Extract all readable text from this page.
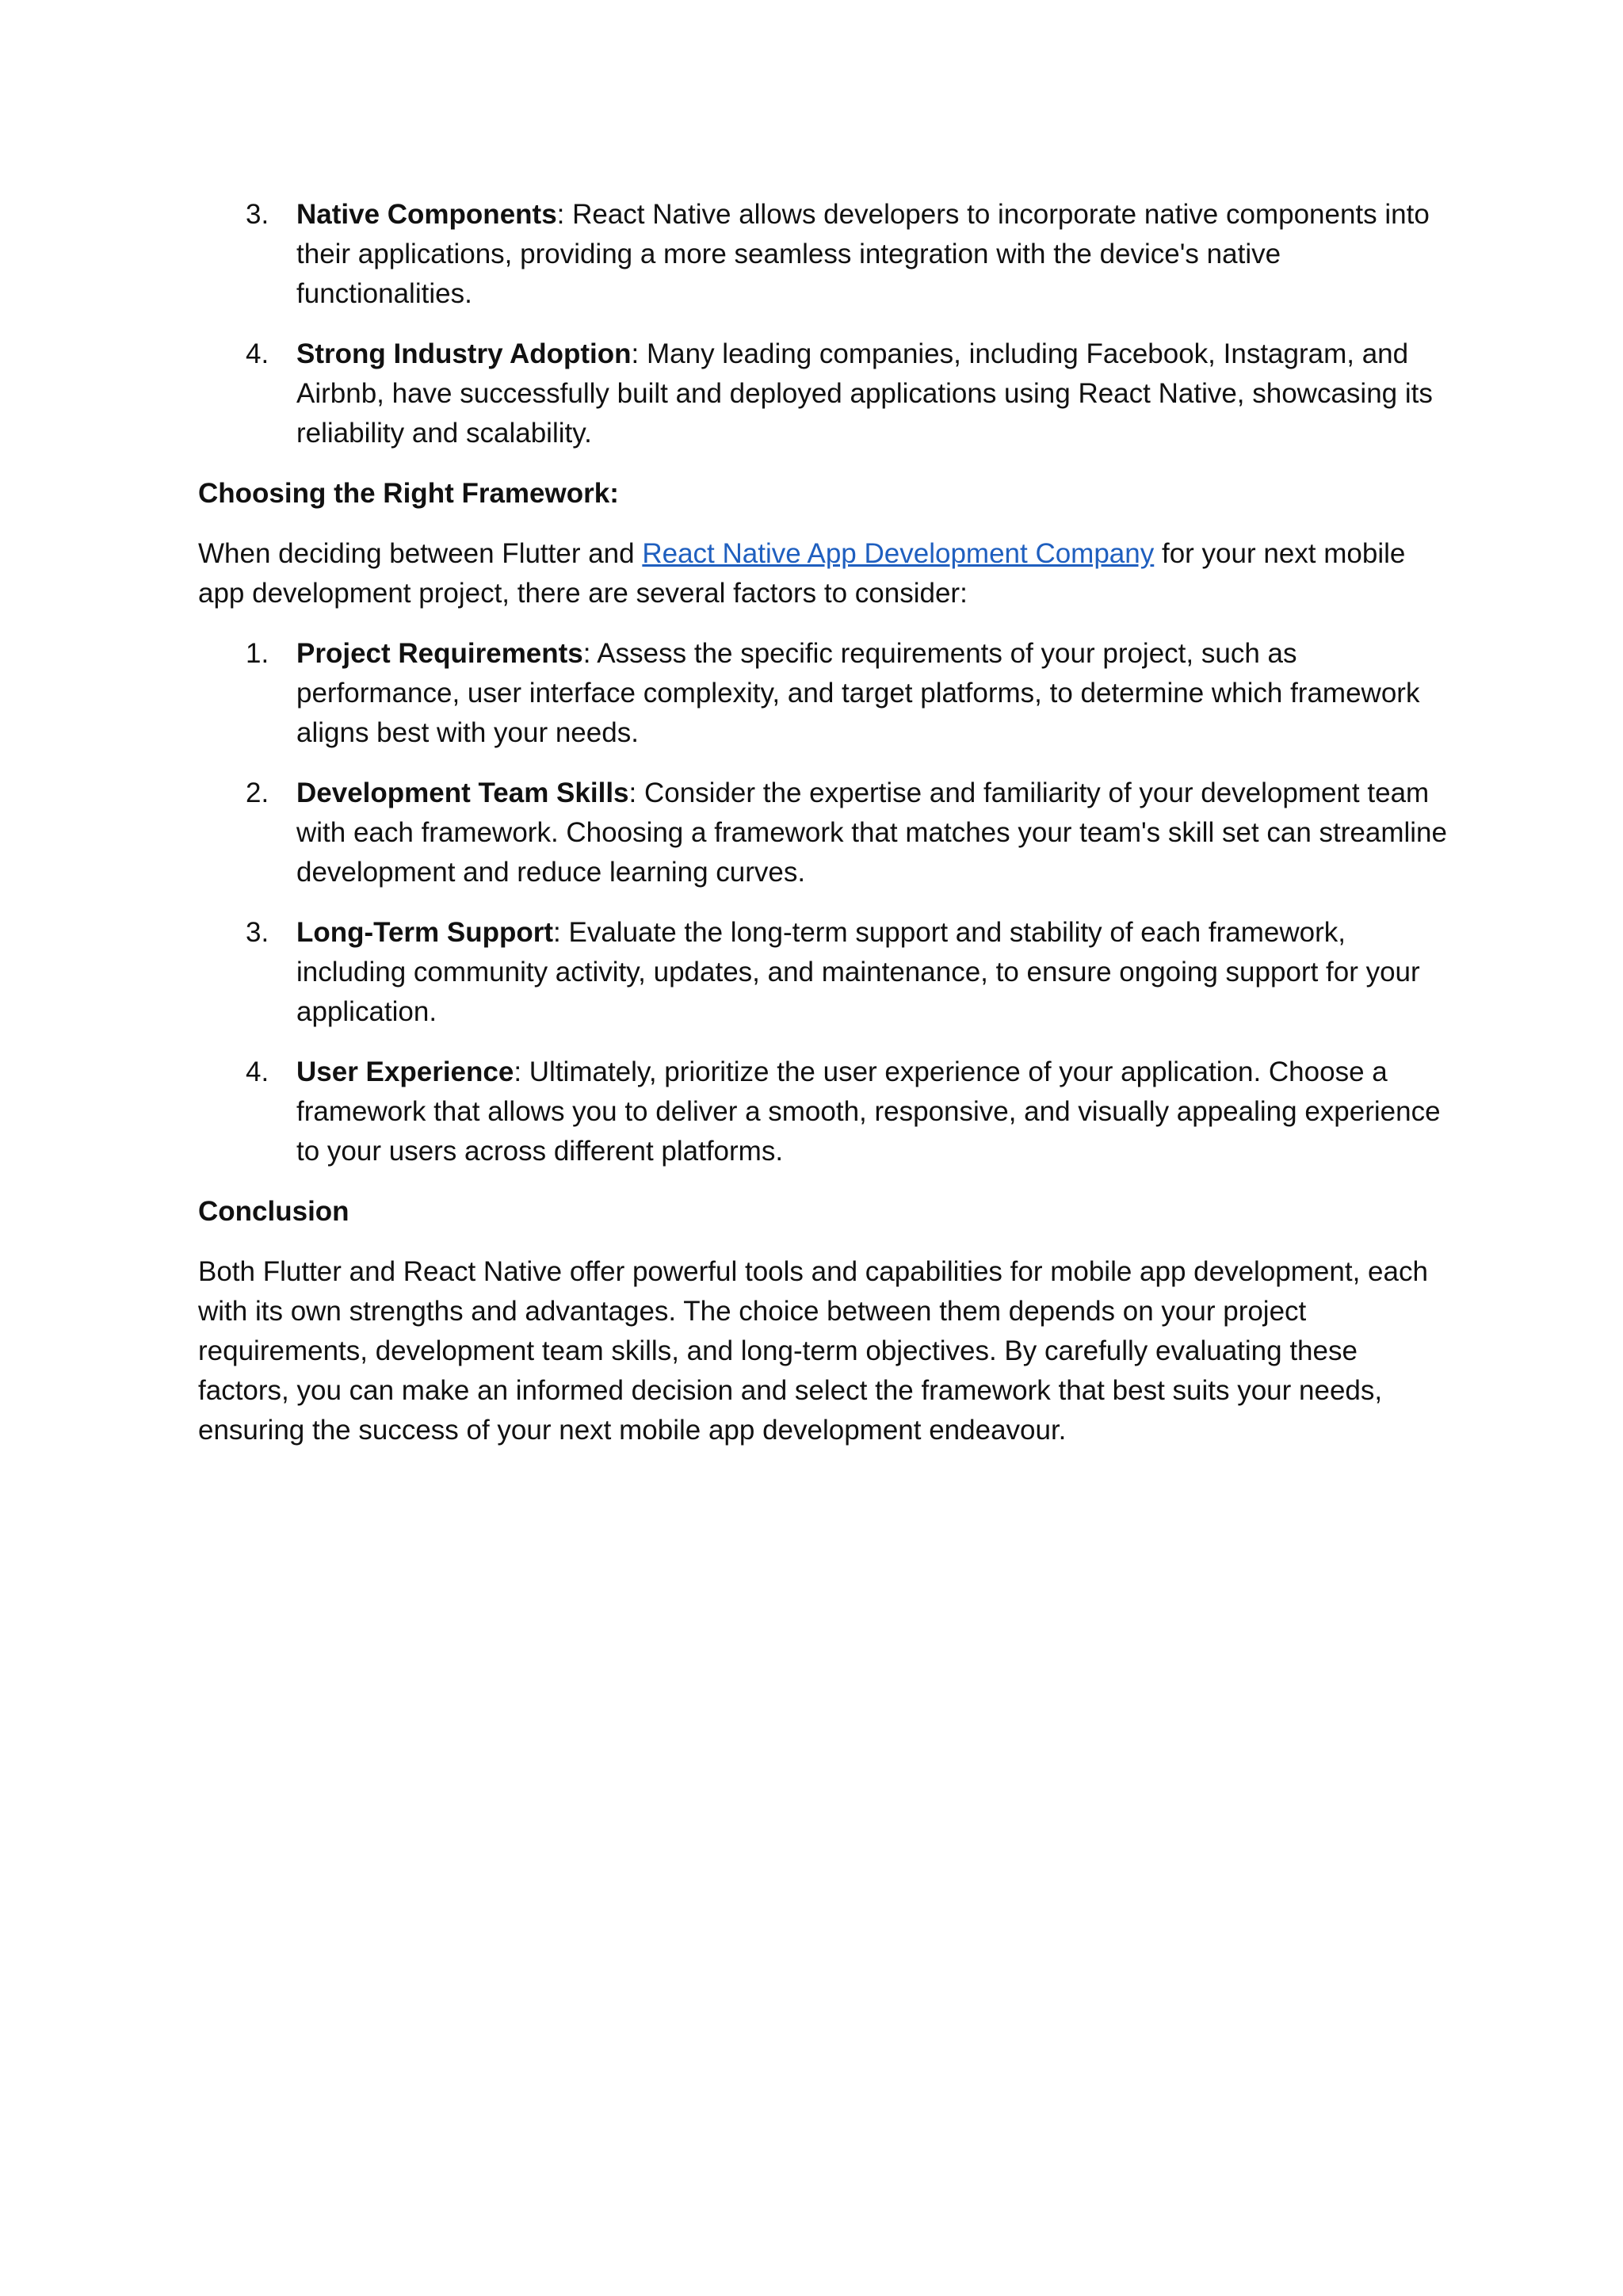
3. Native Components: React Native allows developers to incorporate native components into their applications, providing a more seamless integration with the device's native functionalities.
4. Strong Industry Adoption: Many leading companies, including Facebook, Instagram, and Airbnb, have successfully built and deployed applications using React Native, showcasing its reliability and scalability.

Choosing the Right Framework:

When deciding between Flutter and React Native App Development Company for your next mobile app development project, there are several factors to consider:

1. Project Requirements: Assess the specific requirements of your project, such as performance, user interface complexity, and target platforms, to determine which framework aligns best with your needs.
2. Development Team Skills: Consider the expertise and familiarity of your development team with each framework. Choosing a framework that matches your team's skill set can streamline development and reduce learning curves.
3. Long-Term Support: Evaluate the long-term support and stability of each framework, including community activity, updates, and maintenance, to ensure ongoing support for your application.
4. User Experience: Ultimately, prioritize the user experience of your application. Choose a framework that allows you to deliver a smooth, responsive, and visually appealing experience to your users across different platforms.

Conclusion

Both Flutter and React Native offer powerful tools and capabilities for mobile app development, each with its own strengths and advantages. The choice between them depends on your project requirements, development team skills, and long-term objectives. By carefully evaluating these factors, you can make an informed decision and select the framework that best suits your needs, ensuring the success of your next mobile app development endeavour.
